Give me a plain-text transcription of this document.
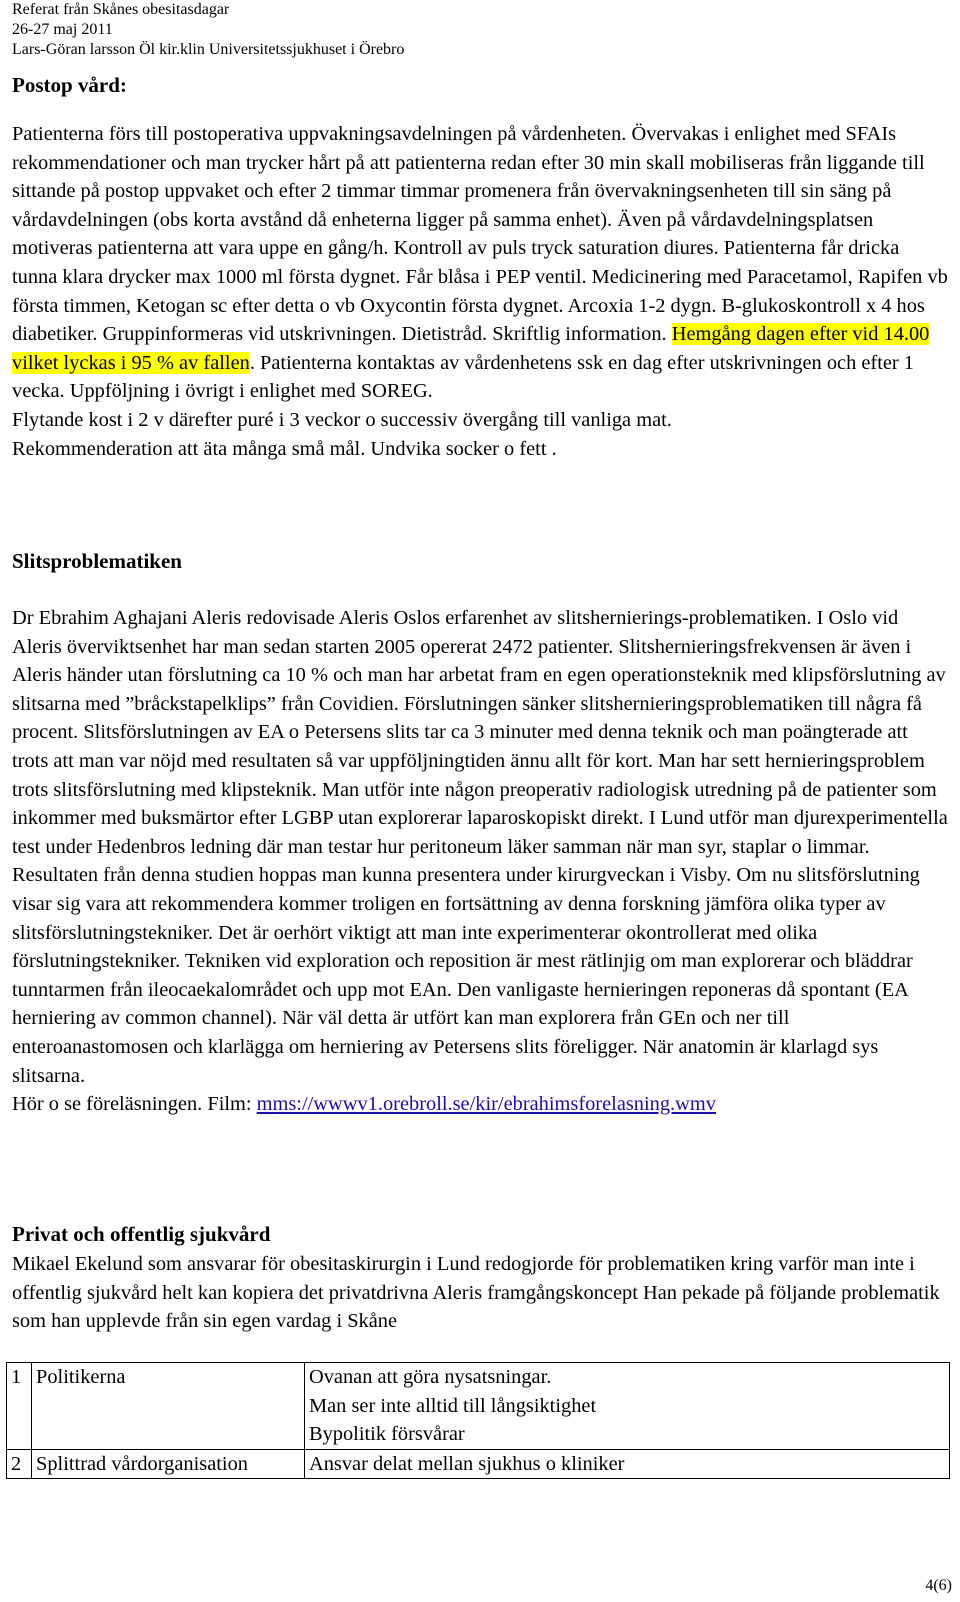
Referat från Skånes obesitasdagar
26-27 maj 2011
Lars-Göran larsson Öl kir.klin Universitetssjukhuset i Örebro
Postop vård:

Patienterna förs till postoperativa uppvakningsavdelningen på vårdenheten. Övervakas i enlighet med SFAIs rekommendationer och man trycker hårt på att patienterna redan efter 30 min skall mobiliseras från liggande till sittande på postop uppvaket och efter 2 timmar timmar promenera från övervakningsenheten till sin säng på vårdavdelningen (obs korta avstånd då enheterna ligger på samma enhet). Även på vårdavdelningsplatsen motiveras patienterna att vara uppe en gång/h. Kontroll av puls tryck saturation diures. Patienterna får dricka tunna klara drycker max 1000 ml första dygnet. Får blåsa i PEP ventil. Medicinering med Paracetamol, Rapifen vb första timmen, Ketogan sc efter detta o vb Oxycontin första dygnet. Arcoxia 1-2 dygn. B-glukoskontroll x 4 hos diabetiker. Gruppinformeras vid utskrivningen. Dietistråd. Skriftlig information. Hemgång dagen efter vid 14.00 vilket lyckas i 95 % av fallen. Patienterna kontaktas av vårdenhetens ssk en dag efter utskrivningen och efter 1 vecka. Uppföljning i övrigt i enlighet med SOREG.

Flytande kost i 2 v därefter puré i 3 veckor o successiv övergång till vanliga mat.

Rekommenderation att äta många små mål. Undvika socker o fett .

Slitsproblematiken

Dr Ebrahim Aghajani Aleris redovisade Aleris Oslos erfarenhet av slitshernierings-problematiken. I Oslo vid Aleris överviktsenhet har man sedan starten 2005 opererat 2472 patienter. Slitshernieringsfrekvensen är även i Aleris händer utan förslutning ca 10 % och man har arbetat fram en egen operationsteknik med klipsförslutning av slitsarna med ”bråckstapelklips” från Covidien. Förslutningen sänker slitshernieringsproblematiken till några få procent. Slitsförslutningen av EA o Petersens slits tar ca 3 minuter med denna teknik och man poängterade att trots att man var nöjd med resultaten så var uppföljningtiden ännu allt för kort. Man har sett hernieringsproblem trots slitsförslutning med klipsteknik. Man utför inte någon preoperativ radiologisk utredning på de patienter som inkommer med buksmärtor efter LGBP utan explorerar laparoskopiskt direkt. I Lund utför man djurexperimentella test under Hedenbros ledning där man testar hur peritoneum läker samman när man syr, staplar o limmar. Resultaten från denna studien hoppas man kunna presentera under kirurgveckan i Visby. Om nu slitsförslutning visar sig vara att rekommendera kommer troligen en fortsättning av denna forskning jämföra olika typer av slitsförslutningstekniker. Det är oerhört viktigt att man inte experimenterar okontrollerat med olika förslutningstekniker. Tekniken vid exploration och reposition är mest rätlinjig om man explorerar och bläddrar tunntarmen från ileocaekalområdet och upp mot EAn. Den vanligaste hernieringen reponeras då spontant (EA herniering av common channel). När väl detta är utfört kan man explorera från GEn och ner till enteroanastomosen och klarlägga om herniering av Petersens slits föreligger. När anatomin är klarlagd sys slitsarna.

Hör o se föreläsningen. Film: mms://wwwv1.orebroll.se/kir/ebrahimsforelasning.wmv

Privat och offentlig sjukvård

Mikael Ekelund som ansvarar för obesitaskirurgin i Lund redogjorde för problematiken kring varför man inte i offentlig sjukvård helt kan kopiera det privatdrivna Aleris framgångskoncept Han pekade på följande problematik som han upplevde från sin egen vardag i Skåne

1	Politikerna	Ovanan att göra nysatsningar.
Man ser inte alltid till långsiktighet
Bypolitik försvårar

2	Splittrad vårdorganisation	Ansvar delat mellan sjukhus o kliniker
4(6)
